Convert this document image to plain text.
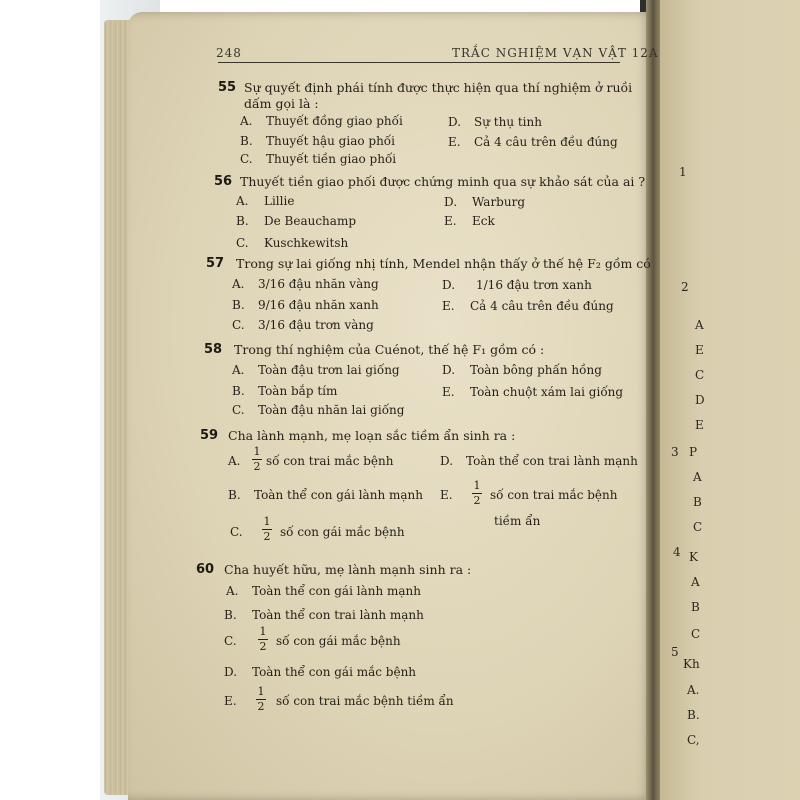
1
2
3
4
5
A
E
C
D
E
P
A
B
C
K
A
B
C
Kh
A.
B.
C,
248	TRẮC NGHIỆM VẠN VẬT 12A
55 Sự quyết định phái tính được thực hiện qua thí nghiệm ở ruồi
dấm gọi là :
A. Thuyết đồng giao phối	D. Sự thụ tinh
B. Thuyết hậu giao phối	E. Cả 4 câu trên đều đúng
C. Thuyết tiền giao phối
56 Thuyết tiền giao phối được chứng minh qua sự khảo sát của ai ?
A. Lillie	D. Warburg
B. De Beauchamp	E. Eck
C. Kuschkewitsh
57 Trong sự lai giống nhị tính, Mendel nhận thấy ở thế hệ F₂ gồm có
A. 3/16 đậu nhăn vàng	D. 1/16 đậu trơn xanh
B. 9/16 đậu nhăn xanh	E. Cả 4 câu trên đều đúng
C. 3/16 đậu trơn vàng
58 Trong thí nghiệm của Cuénot, thế hệ F₁ gồm có :
A. Toàn đậu trơn lai giống	D. Toàn bông phấn hồng
B. Toàn bắp tím	E. Toàn chuột xám lai giống
C. Toàn đậu nhăn lai giống
59 Cha lành mạnh, mẹ loạn sắc tiềm ẩn sinh ra :
A.
1
2 số con trai mắc bệnh	D. Toàn thể con trai lành mạnh
B. Toàn thể con gái lành mạnh E.
1
2 số con trai mắc bệnh
tiềm ẩn
C.
1
2 số con gái mắc bệnh
60 Cha huyết hữu, mẹ lành mạnh sinh ra :
A. Toàn thể con gái lành mạnh
B. Toàn thể con trai lành mạnh
C.
1
2 số con gái mắc bệnh
D. Toàn thể con gái mắc bệnh
E.
1
2 số con trai mắc bệnh tiềm ẩn
